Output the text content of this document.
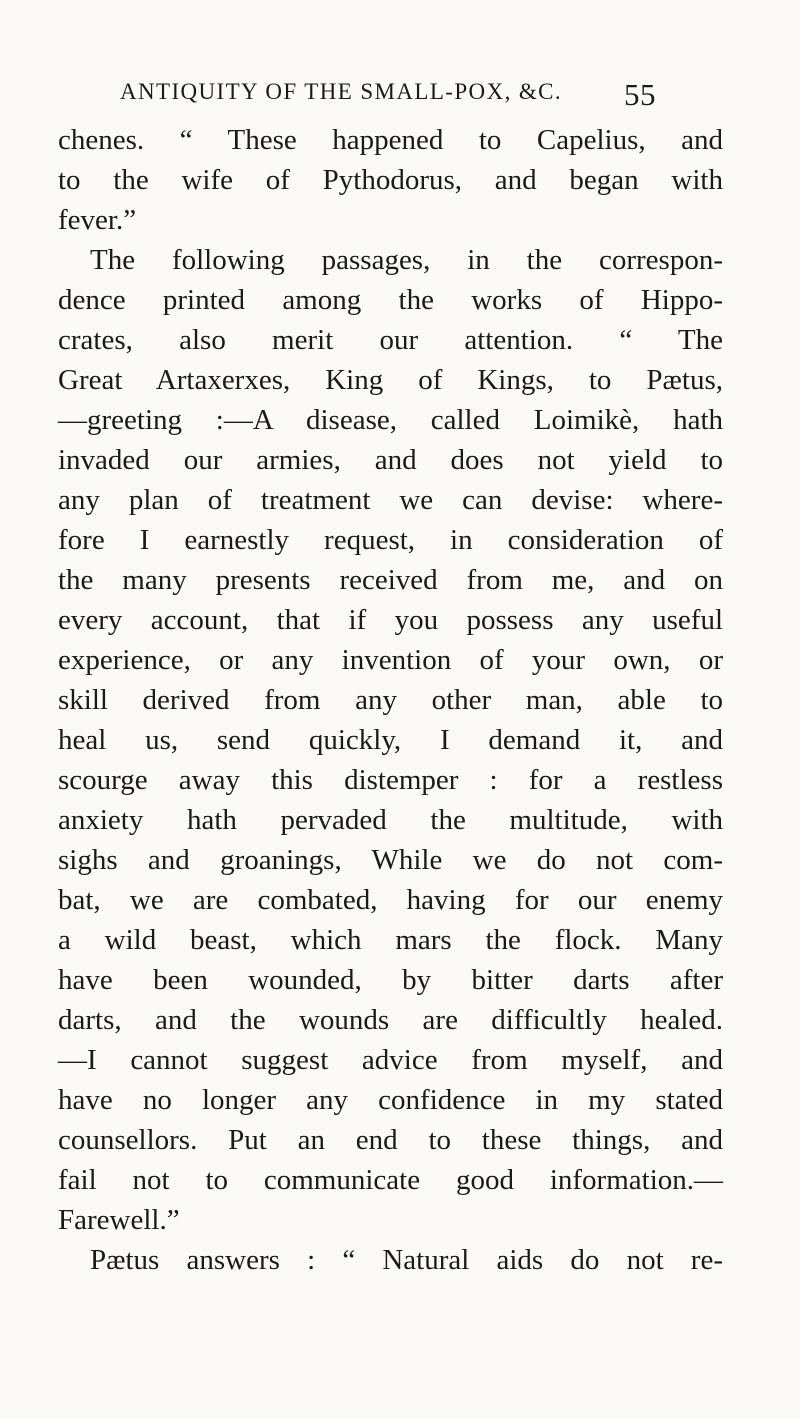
ANTIQUITY OF THE SMALL-POX, &C. 55
chenes. “ These happened to Capelius, and
to the wife of Pythodorus, and began with
fever.”
The following passages, in the correspon-
dence printed among the works of Hippo-
crates, also merit our attention. “ The
Great Artaxerxes, King of Kings, to Pætus,
—greeting :—A disease, called Loimikè, hath
invaded our armies, and does not yield to
any plan of treatment we can devise: where-
fore I earnestly request, in consideration of
the many presents received from me, and on
every account, that if you possess any useful
experience, or any invention of your own, or
skill derived from any other man, able to
heal us, send quickly, I demand it, and
scourge away this distemper : for a restless
anxiety hath pervaded the multitude, with
sighs and groanings, While we do not com-
bat, we are combated, having for our enemy
a wild beast, which mars the flock. Many
have been wounded, by bitter darts after
darts, and the wounds are difficultly healed.
—I cannot suggest advice from myself, and
have no longer any confidence in my stated
counsellors. Put an end to these things, and
fail not to communicate good information.—
Farewell.”
Pætus answers : “ Natural aids do not re-
